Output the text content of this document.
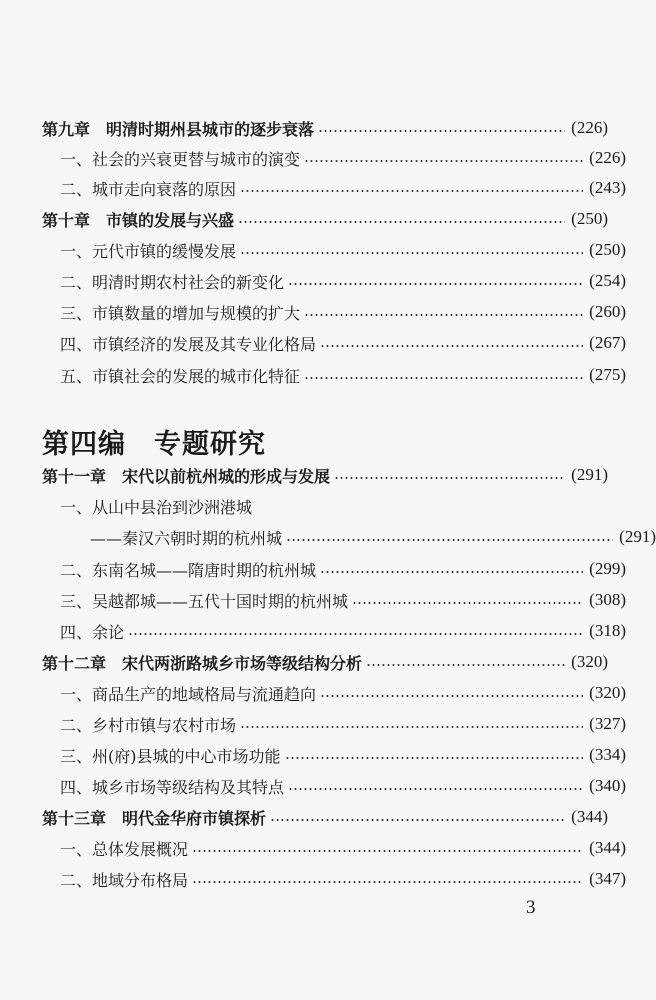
第九章　明清时期州县城市的逐步衰落	(226)
一、社会的兴衰更替与城市的演变	(226)
二、城市走向衰落的原因	(243)
第十章　市镇的发展与兴盛	(250)
一、元代市镇的缓慢发展	(250)
二、明清时期农村社会的新变化	(254)
三、市镇数量的增加与规模的扩大	(260)
四、市镇经济的发展及其专业化格局	(267)
五、市镇社会的发展的城市化特征	(275)
第四编　专题研究
第十一章　宋代以前杭州城的形成与发展	(291)
一、从山中县治到沙洲港城
——秦汉六朝时期的杭州城	(291)
二、东南名城——隋唐时期的杭州城	(299)
三、吴越都城——五代十国时期的杭州城	(308)
四、余论	(318)
第十二章　宋代两浙路城乡市场等级结构分析	(320)
一、商品生产的地域格局与流通趋向	(320)
二、乡村市镇与农村市场	(327)
三、州(府)县城的中心市场功能	(334)
四、城乡市场等级结构及其特点	(340)
第十三章　明代金华府市镇探析	(344)
一、总体发展概况	(344)
二、地域分布格局	(347)
3
